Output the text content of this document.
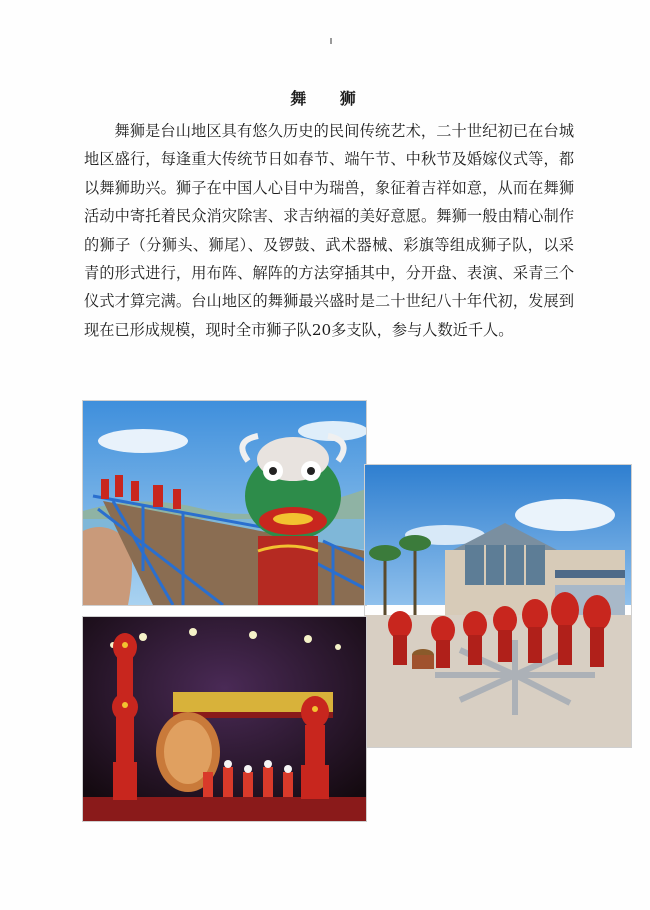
舞 狮

舞狮是台山地区具有悠久历史的民间传统艺术，二十世纪初已在台城地区盛行，每逢重大传统节日如春节、端午节、中秋节及婚嫁仪式等，都以舞狮助兴。狮子在中国人心目中为瑞兽，象征着吉祥如意，从而在舞狮活动中寄托着民众消灾除害、求吉纳福的美好意愿。舞狮一般由精心制作的狮子（分狮头、狮尾）、及锣鼓、武术器械、彩旗等组成狮子队，以采青的形式进行，用布阵、解阵的方法穿插其中，分开盘、表演、采青三个仪式才算完满。台山地区的舞狮最兴盛时是二十世纪八十年代初，发展到现在已形成规模，现时全市狮子队20多支队，参与人数近千人。
